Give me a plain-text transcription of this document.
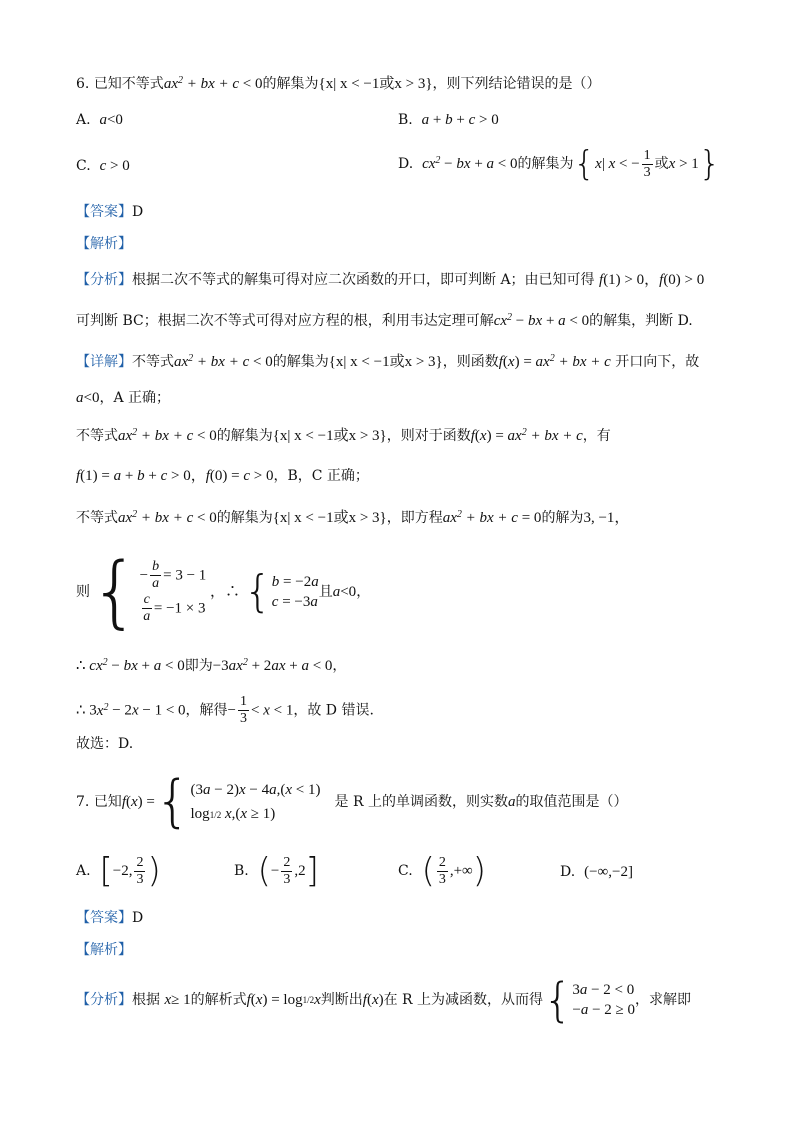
6. 已知不等式$ax^2$ + bx + c < 0的解集为{x| x < −1或x > 3}，则下列结论错误的是（）
A. a<0	B. a + b + c > 0
C. c > 0	D. $cx^2$ − bx + a < 0的解集为{x| x < − $\frac{1}{3}$ 或x > 1}
【答案】D
【解析】
【分析】根据二次不等式的解集可得对应二次函数的开口，即可判断 A；由已知可得 f(1) > 0，f(0) > 0
可判断 BC；根据二次不等式可得对应方程的根，利用韦达定理可解$cx^2$ − bx + a < 0的解集，判断 D.
【详解】不等式$ax^2$ + bx + c < 0的解集为{x| x < −1或x > 3}，则函数$f(x) = ax^2$ + bx + c 开口向下，故
a<0，A 正确；
不等式$ax^2$ + bx + c < 0的解集为{x| x < −1或x > 3}，则对于函数$f(x) = ax^2$ + bx + c，有
f(1) = a + b + c > 0，f(0) = c > 0，B，C 正确；
不等式$ax^2$ + bx + c < 0的解集为{x| x < −1或x > 3}，即方程$ax^2$ + bx + c = 0的解为3, −1，
则 { − $\frac{b}{a} = 3 - 1$
$\frac{c}{a} = -1 \times 3$
，∴ { b = −2a
c = −3a
且 a <0 ，
∴ $cx^2$ − bx + a < 0即为$-3ax^2 + 2ax + a < 0$，
∴ $3x^2 - 2x - 1 < 0$，解得− $\frac{1}{3} < x < 1$，故 D 错误.
故选：D.
7.
已知 f ( x ) = { (3a − 2)x − 4a,(x < 1)
log1/2 x,(x ≥ 1)
是 R 上的单调函数，则实数 a 的取值范围是（）
A. [−2, $\frac{2}{3}$ )	B. (− $\frac{2}{3} ,2$]	C. ( $\frac{2}{3}$ ,+∞)	D. (−∞,−2]
【答案】D
【解析】
【分析】 根据
x ≥ 1 的解析式 f ( x ) = log 1/2 x 判断出 f ( x ) 在 R 上为减函数，从而得 { 3a − 2 < 0
−a − 2 ≥ 0
，求解即
